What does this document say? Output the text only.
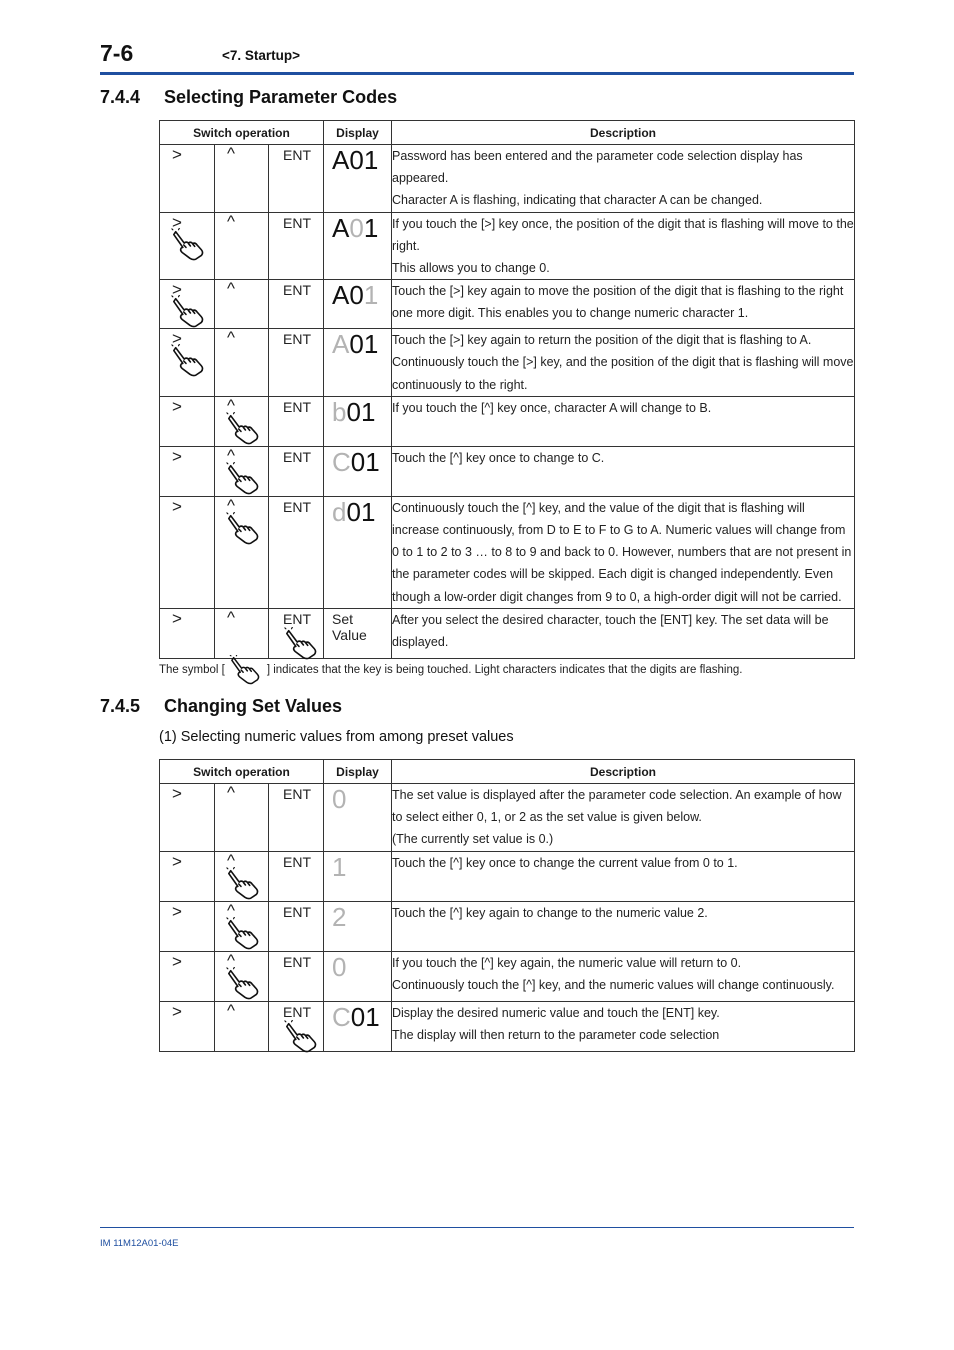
7-6	<7. Startup>
7.4.4 Selecting Parameter Codes
Switch operation			Display	Description

>	^	ENT	A01	Password has been entered and the parameter code selection display has appeared.

Character A is flashing, indicating that character A can be changed.

>	^	ENT	A01	If you touch the [>] key once, the position of the digit that is flashing will move to the right.

This allows you to change 0.

>	^	ENT	A01	Touch the [>] key again to move the position of the digit that is flashing to the right one more digit. This enables you to change numeric character 1.

>	^	ENT	A01	Touch the [>] key again to return the position of the digit that is flashing to A.

Continuously touch the [>] key, and the position of the digit that is flashing will move continuously to the right.

>	^	ENT	b01	If you touch the [^] key once, character A will change to B.

>	^	ENT	C01	Touch the [^] key once to change to C.

>	^	ENT	d01	Continuously touch the [^] key, and the value of the digit that is flashing will increase continuously, from D to E to F to G to A. Numeric values will change from 0 to 1 to 2 to 3 … to 8 to 9 and back to 0. However, numbers that are not present in the parameter codes will be skipped. Each digit is changed independently. Even though a low-order digit changes from 9 to 0, a high-order digit will not be carried.

>	^	ENT	Set Value	After you select the desired character, touch the [ENT] key. The set data will be displayed.

The symbol [	] indicates that the key is being touched. Light characters indicates that the digits are flashing.
7.4.5 Changing Set Values
(1) Selecting numeric values from among preset values
Switch operation			Display	Description

>	^	ENT	0	The set value is displayed after the parameter code selection. An example of how to select either 0, 1, or 2 as the set value is given below.

(The currently set value is 0.)

>	^	ENT	1	Touch the [^] key once to change the current value from 0 to 1.

>	^	ENT	2	Touch the [^] key again to change to the numeric value 2.

>	^	ENT	0	If you touch the [^] key again, the numeric value will return to 0.

Continuously touch the [^] key, and the numeric values will change continuously.

>	^	ENT	C01	Display the desired numeric value and touch the [ENT] key.

The display will then return to the parameter code selection

IM 11M12A01-04E
